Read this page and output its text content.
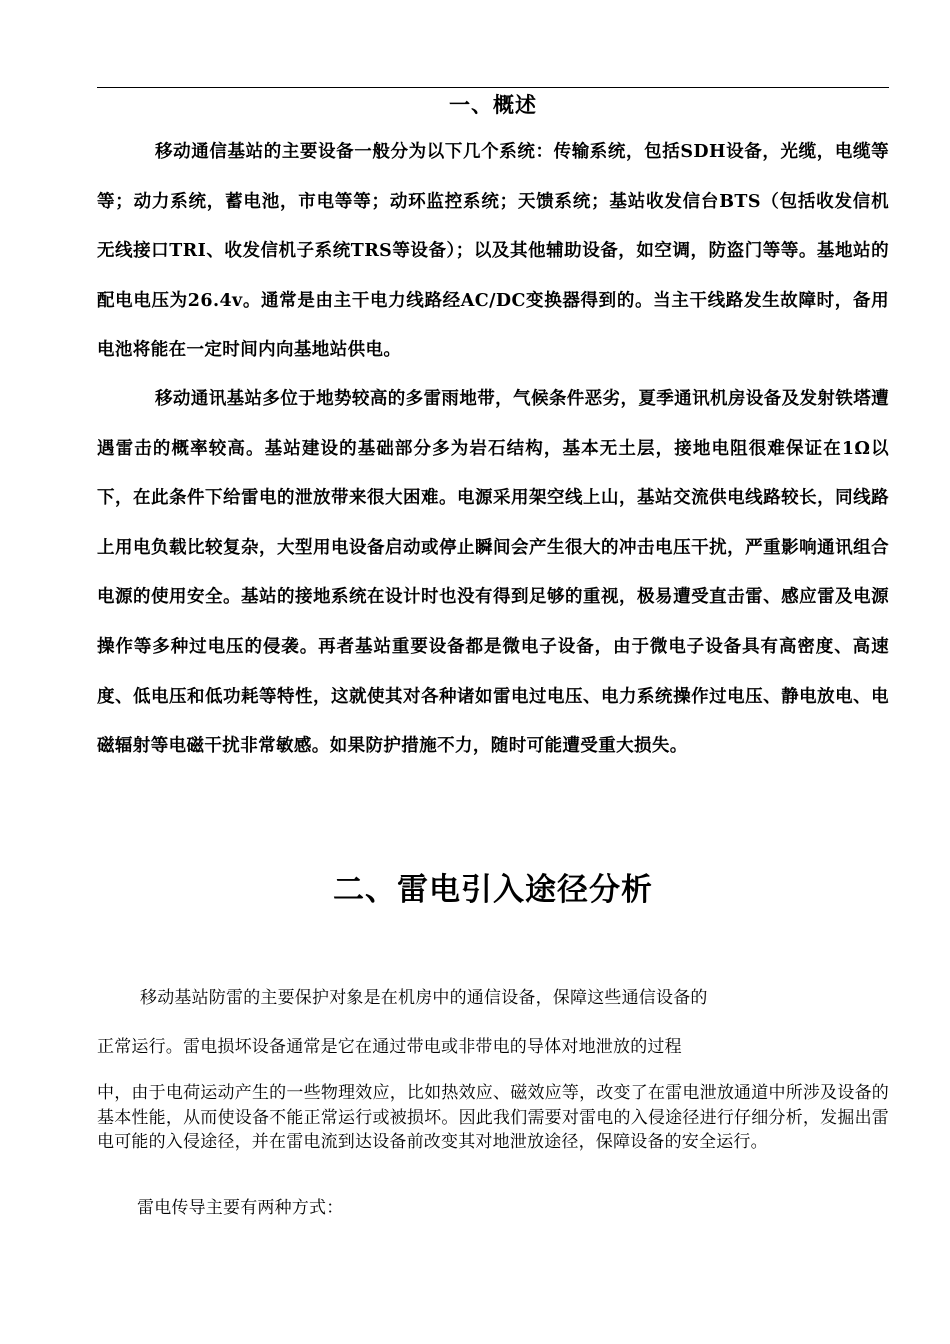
一、概述

移动通信基站的主要设备一般分为以下几个系统：传输系统，包括SDH设备，光缆，电缆等等；动力系统，蓄电池，市电等等；动环监控系统；天馈系统；基站收发信台BTS（包括收发信机无线接口TRI、收发信机子系统TRS等设备）；以及其他辅助设备，如空调，防盗门等等。基地站的配电电压为26.4v。通常是由主干电力线路经AC/DC变换器得到的。当主干线路发生故障时，备用电池将能在一定时间内向基地站供电。

移动通讯基站多位于地势较高的多雷雨地带，气候条件恶劣，夏季通讯机房设备及发射铁塔遭遇雷击的概率较高。基站建设的基础部分多为岩石结构，基本无土层，接地电阻很难保证在1Ω以下，在此条件下给雷电的泄放带来很大困难。电源采用架空线上山，基站交流供电线路较长，同线路上用电负载比较复杂，大型用电设备启动或停止瞬间会产生很大的冲击电压干扰，严重影响通讯组合电源的使用安全。基站的接地系统在设计时也没有得到足够的重视，极易遭受直击雷、感应雷及电源操作等多种过电压的侵袭。再者基站重要设备都是微电子设备，由于微电子设备具有高密度、高速度、低电压和低功耗等特性，这就使其对各种诸如雷电过电压、电力系统操作过电压、静电放电、电磁辐射等电磁干扰非常敏感。如果防护措施不力，随时可能遭受重大损失。

二、雷电引入途径分析

移动基站防雷的主要保护对象是在机房中的通信设备，保障这些通信设备的

正常运行。雷电损坏设备通常是它在通过带电或非带电的导体对地泄放的过程

中，由于电荷运动产生的一些物理效应，比如热效应、磁效应等，改变了在雷电泄放通道中所涉及设备的基本性能，从而使设备不能正常运行或被损坏。因此我们需要对雷电的入侵途径进行仔细分析，发掘出雷电可能的入侵途径，并在雷电流到达设备前改变其对地泄放途径，保障设备的安全运行。

雷电传导主要有两种方式：
